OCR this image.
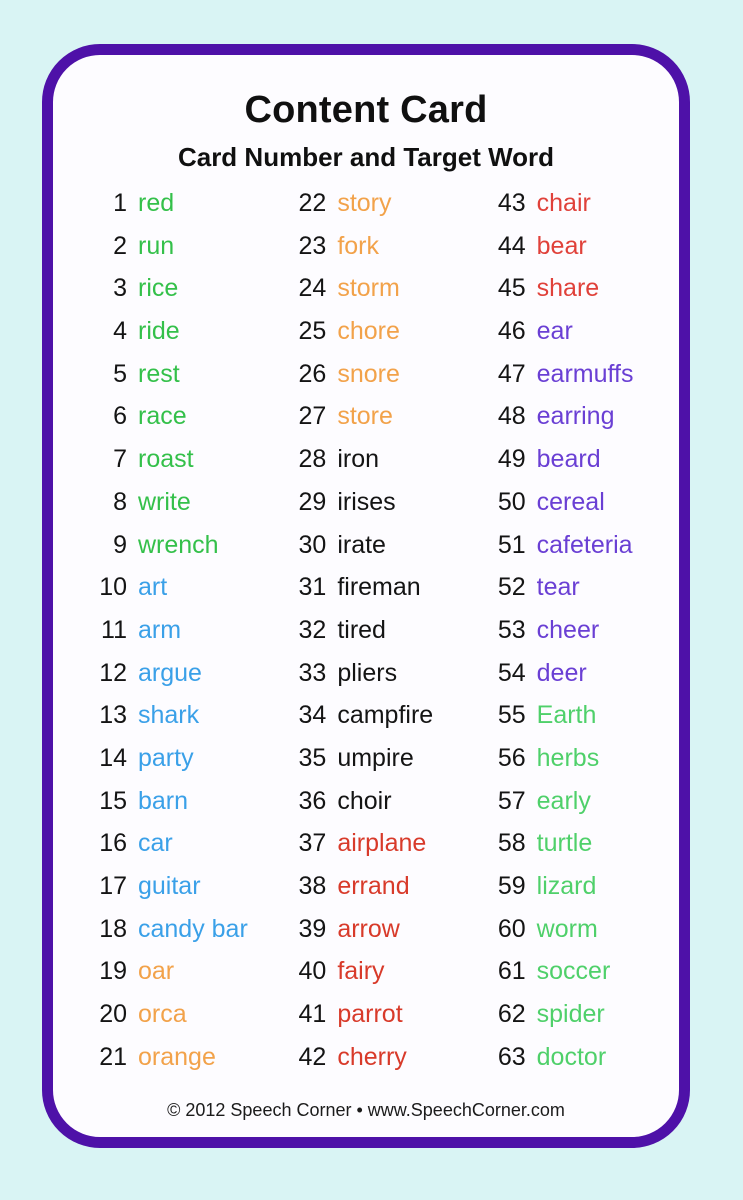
Content Card
Card Number and Target Word
1 red
2 run
3 rice
4 ride
5 rest
6 race
7 roast
8 write
9 wrench
10 art
11 arm
12 argue
13 shark
14 party
15 barn
16 car
17 guitar
18 candy bar
19 oar
20 orca
21 orange
22 story
23 fork
24 storm
25 chore
26 snore
27 store
28 iron
29 irises
30 irate
31 fireman
32 tired
33 pliers
34 campfire
35 umpire
36 choir
37 airplane
38 errand
39 arrow
40 fairy
41 parrot
42 cherry
43 chair
44 bear
45 share
46 ear
47 earmuffs
48 earring
49 beard
50 cereal
51 cafeteria
52 tear
53 cheer
54 deer
55 Earth
56 herbs
57 early
58 turtle
59 lizard
60 worm
61 soccer
62 spider
63 doctor
© 2012 Speech Corner • www.SpeechCorner.com
